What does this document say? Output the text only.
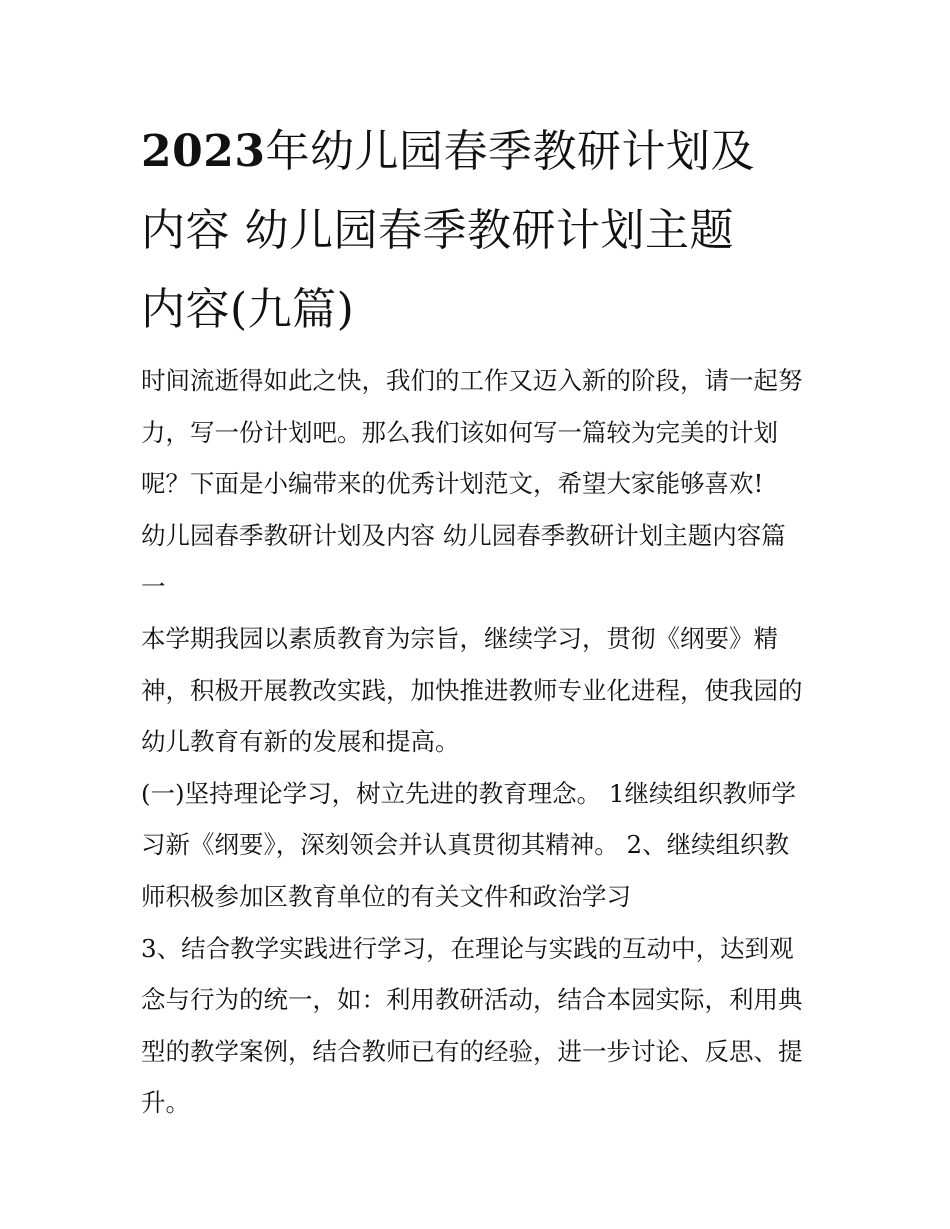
2023年幼儿园春季教研计划及
内容 幼儿园春季教研计划主题
内容(九篇)
时间流逝得如此之快，我们的工作又迈入新的阶段，请一起努
力，写一份计划吧。那么我们该如何写一篇较为完美的计划
呢？下面是小编带来的优秀计划范文，希望大家能够喜欢!
幼儿园春季教研计划及内容 幼儿园春季教研计划主题内容篇
一
本学期我园以素质教育为宗旨，继续学习，贯彻《纲要》精
神，积极开展教改实践，加快推进教师专业化进程，使我园的
幼儿教育有新的发展和提高。
(一)坚持理论学习，树立先进的教育理念。 1继续组织教师学
习新《纲要》，深刻领会并认真贯彻其精神。 2、继续组织教
师积极参加区教育单位的有关文件和政治学习
3、结合教学实践进行学习，在理论与实践的互动中，达到观
念与行为的统一，如：利用教研活动，结合本园实际，利用典
型的教学案例，结合教师已有的经验，进一步讨论、反思、提
升。
